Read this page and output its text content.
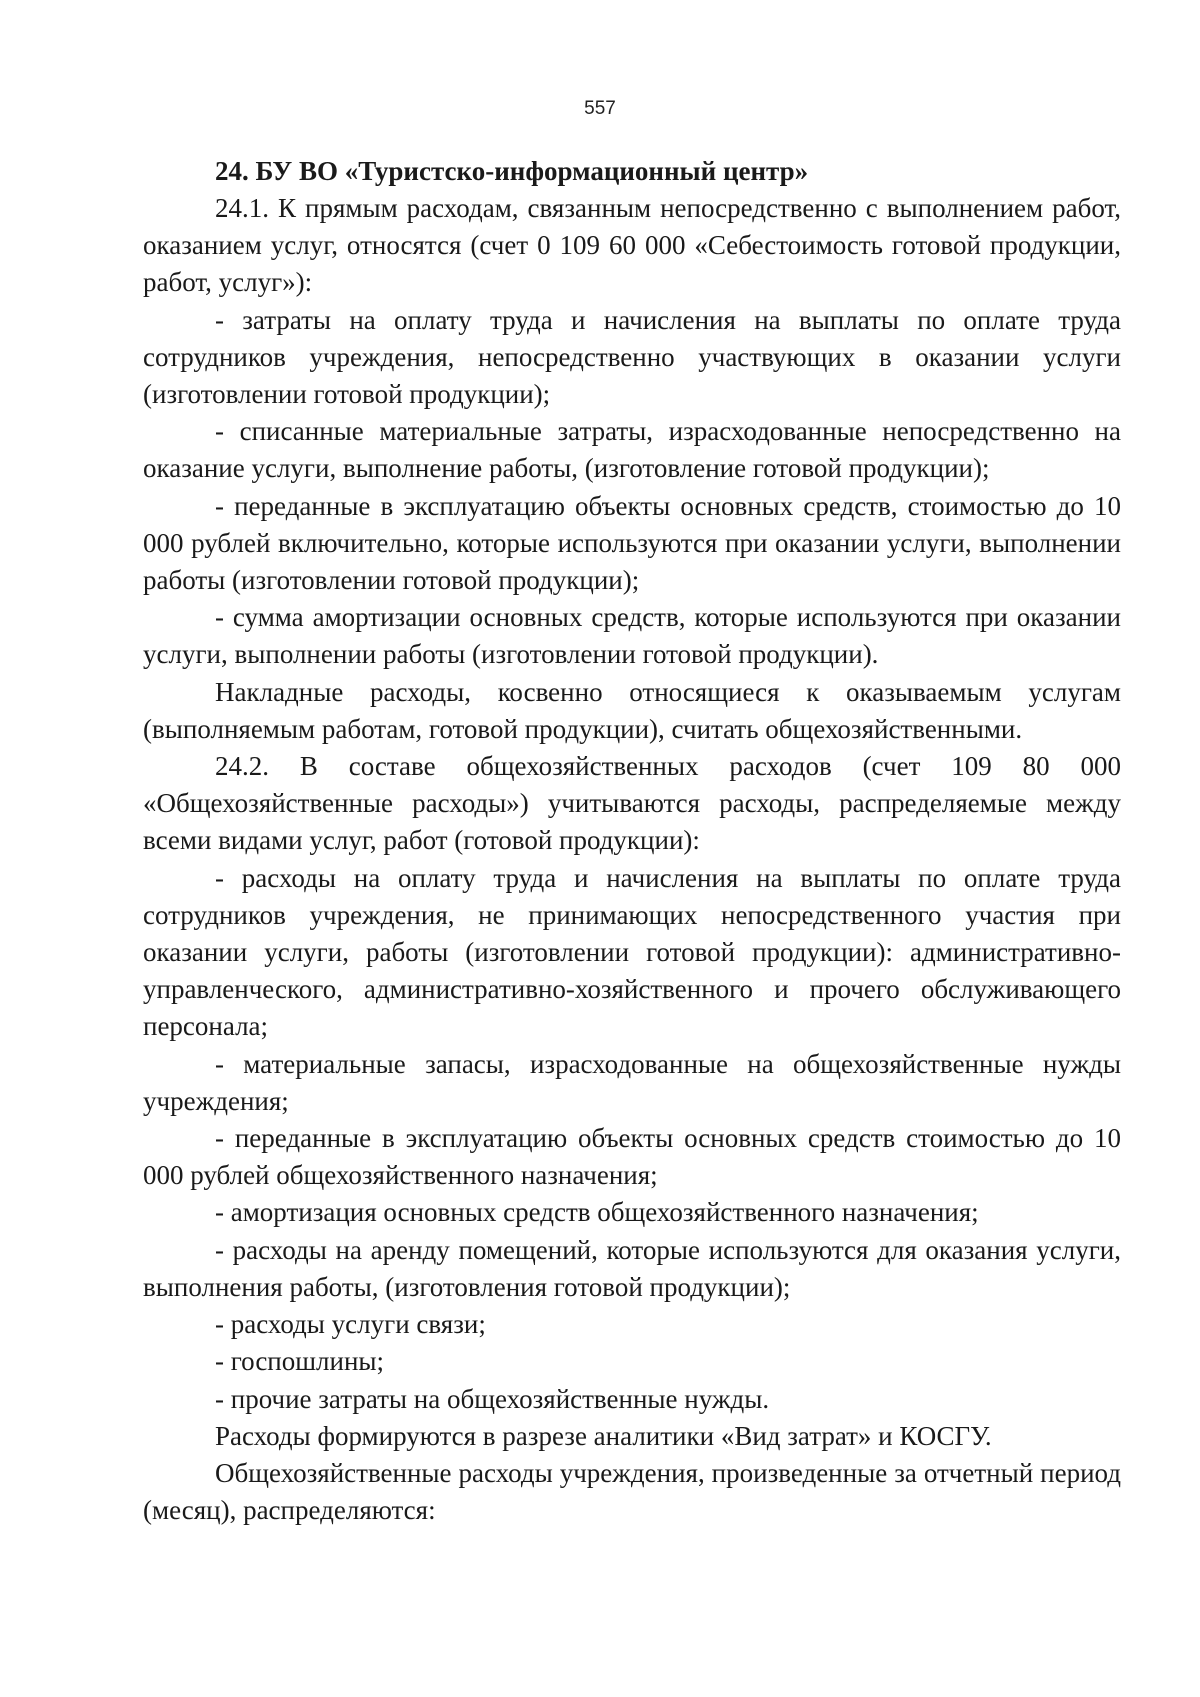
557
24. БУ ВО «Туристско-информационный центр»

24.1. К прямым расходам, связанным непосредственно с выполнением работ, оказанием услуг, относятся (счет 0 109 60 000 «Себестоимость готовой продукции, работ, услуг»):

- затраты на оплату труда и начисления на выплаты по оплате труда сотрудников учреждения, непосредственно участвующих в оказании услуги (изготовлении готовой продукции);

- списанные материальные затраты, израсходованные непосредственно на оказание услуги, выполнение работы, (изготовление готовой продукции);

- переданные в эксплуатацию объекты основных средств, стоимостью до 10 000 рублей включительно, которые используются при оказании услуги, выполнении работы (изготовлении готовой продукции);

- сумма амортизации основных средств, которые используются при оказании услуги, выполнении работы (изготовлении готовой продукции).

Накладные расходы, косвенно относящиеся к оказываемым услугам (выполняемым работам, готовой продукции), считать общехозяйственными.

24.2. В составе общехозяйственных расходов (счет 109 80 000 «Общехозяйственные расходы») учитываются расходы, распределяемые между всеми видами услуг, работ (готовой продукции):

- расходы на оплату труда и начисления на выплаты по оплате труда сотрудников учреждения, не принимающих непосредственного участия при оказании услуги, работы (изготовлении готовой продукции): административно-управленческого, административно-хозяйственного и прочего обслуживающего персонала;

- материальные запасы, израсходованные на общехозяйственные нужды учреждения;

- переданные в эксплуатацию объекты основных средств стоимостью до 10 000 рублей общехозяйственного назначения;

- амортизация основных средств общехозяйственного назначения;

- расходы на аренду помещений, которые используются для оказания услуги, выполнения работы, (изготовления готовой продукции);

- расходы услуги связи;

- госпошлины;

- прочие затраты на общехозяйственные нужды.

Расходы формируются в разрезе аналитики «Вид затрат» и КОСГУ.

Общехозяйственные расходы учреждения, произведенные за отчетный период (месяц), распределяются:
